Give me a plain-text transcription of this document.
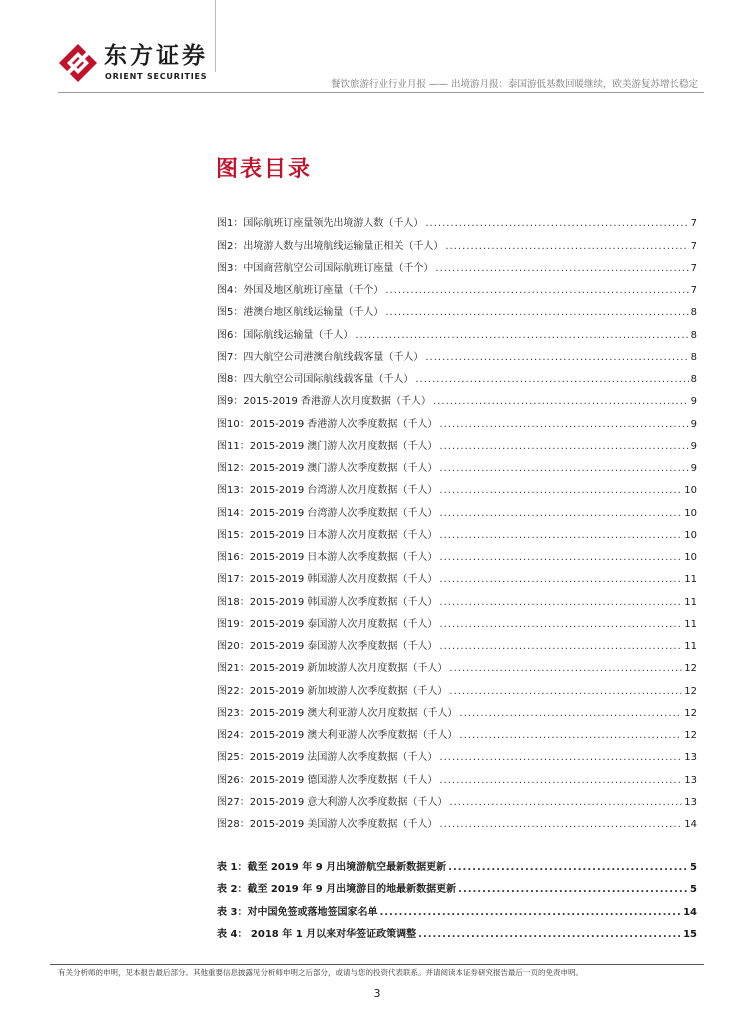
东方证券
ORIENT SECURITIES
餐饮旅游行业行业月报 —— 出境游月报：泰国游低基数回暖继续，欧美游复苏增长稳定
图表目录
图1：国际航班订座量领先出境游人数（千人） .....	7
图2：出境游人数与出境航线运输量正相关（千人） .....	7
图3：中国商营航空公司国际航班订座量（千个） .....	7
图4：外国及地区航班订座量（千个） .....	7
图5：港澳台地区航线运输量（千人） .....	8
图6：国际航线运输量（千人） .....	8
图7：四大航空公司港澳台航线载客量（千人） .....	8
图8：四大航空公司国际航线载客量（千人） .....	8
图9：2015-2019 香港游人次月度数据（千人） .....	9
图10：2015-2019 香港游人次季度数据（千人） .....	9
图11：2015-2019 澳门游人次月度数据（千人） .....	9
图12：2015-2019 澳门游人次季度数据（千人） .....	9
图13：2015-2019 台湾游人次月度数据（千人） .....	10
图14：2015-2019 台湾游人次季度数据（千人） .....	10
图15：2015-2019 日本游人次月度数据（千人） .....	10
图16：2015-2019 日本游人次季度数据（千人） .....	10
图17：2015-2019 韩国游人次月度数据（千人） .....	11
图18：2015-2019 韩国游人次季度数据（千人） .....	11
图19：2015-2019 泰国游人次月度数据（千人） .....	11
图20：2015-2019 泰国游人次季度数据（千人） .....	11
图21：2015-2019 新加坡游人次月度数据（千人） .....	12
图22：2015-2019 新加坡游人次季度数据（千人） .....	12
图23：2015-2019 澳大利亚游人次月度数据（千人） .....	12
图24：2015-2019 澳大利亚游人次季度数据（千人） .....	12
图25：2015-2019 法国游人次季度数据（千人） .....	13
图26：2015-2019 德国游人次季度数据（千人） .....	13
图27：2015-2019 意大利游人次季度数据（千人） .....	13
图28：2015-2019 美国游人次季度数据（千人） .....	14
表 1：截至 2019 年 9 月出境游航空最新数据更新 .....	5
表 2：截至 2019 年 9 月出境游目的地最新数据更新 .....	5
表 3：对中国免签或落地签国家名单 .....	14
表 4： 2018 年 1 月以来对华签证政策调整 .....	15
有关分析师的申明，见本报告最后部分。其他重要信息披露见分析师申明之后部分，或请与您的投资代表联系。并请阅读本证券研究报告最后一页的免责申明。
3
